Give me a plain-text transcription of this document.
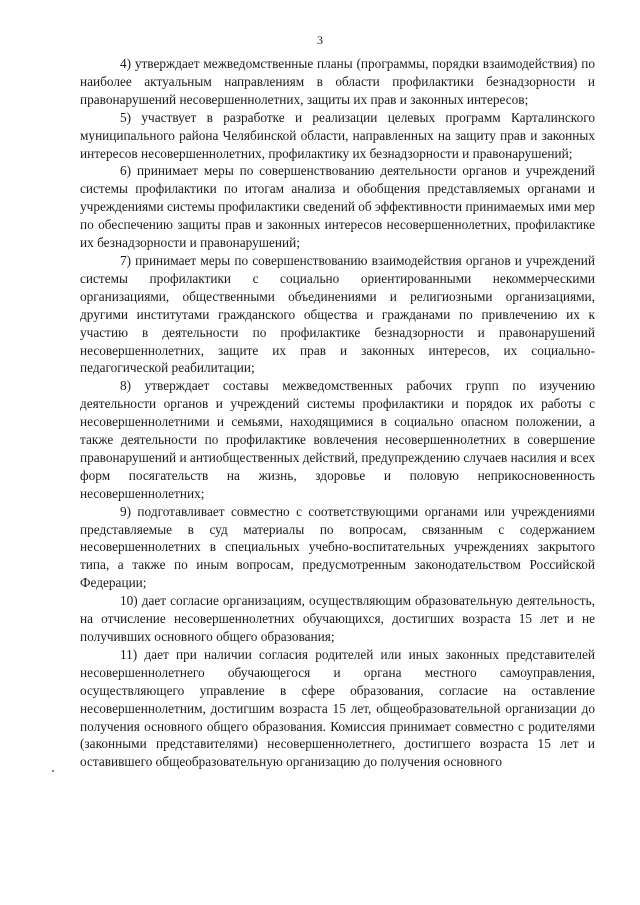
3

4) утверждает межведомственные планы (программы, порядки взаимодействия) по наиболее актуальным направлениям в области профилактики безнадзорности и правонарушений несовершеннолетних, защиты их прав и законных интересов;

5) участвует в разработке и реализации целевых программ Карталинского муниципального района Челябинской области, направленных на защиту прав и законных интересов несовершеннолетних, профилактику их безнадзорности и правонарушений;

6) принимает меры по совершенствованию деятельности органов и учреждений системы профилактики по итогам анализа и обобщения представляемых органами и учреждениями системы профилактики сведений об эффективности принимаемых ими мер по обеспечению защиты прав и законных интересов несовершеннолетних, профилактике их безнадзорности и правонарушений;

7) принимает меры по совершенствованию взаимодействия органов и учреждений системы профилактики с социально ориентированными некоммерческими организациями, общественными объединениями и религиозными организациями, другими институтами гражданского общества и гражданами по привлечению их к участию в деятельности по профилактике безнадзорности и правонарушений несовершеннолетних, защите их прав и законных интересов, их социально-педагогической реабилитации;

8) утверждает составы межведомственных рабочих групп по изучению деятельности органов и учреждений системы профилактики и порядок их работы с несовершеннолетними и семьями, находящимися в социально опасном положении, а также деятельности по профилактике вовлечения несовершеннолетних в совершение правонарушений и антиобщественных действий, предупреждению случаев насилия и всех форм посягательств на жизнь, здоровье и половую неприкосновенность несовершеннолетних;

9) подготавливает совместно с соответствующими органами или учреждениями представляемые в суд материалы по вопросам, связанным с содержанием несовершеннолетних в специальных учебно-воспитательных учреждениях закрытого типа, а также по иным вопросам, предусмотренным законодательством Российской Федерации;

10) дает согласие организациям, осуществляющим образовательную деятельность, на отчисление несовершеннолетних обучающихся, достигших возраста 15 лет и не получивших основного общего образования;

11) дает при наличии согласия родителей или иных законных представителей несовершеннолетнего обучающегося и органа местного самоуправления, осуществляющего управление в сфере образования, согласие на оставление несовершеннолетним, достигшим возраста 15 лет, общеобразовательной организации до получения основного общего образования. Комиссия принимает совместно с родителями (законными представителями) несовершеннолетнего, достигшего возраста 15 лет и оставившего общеобразовательную организацию до получения основного
